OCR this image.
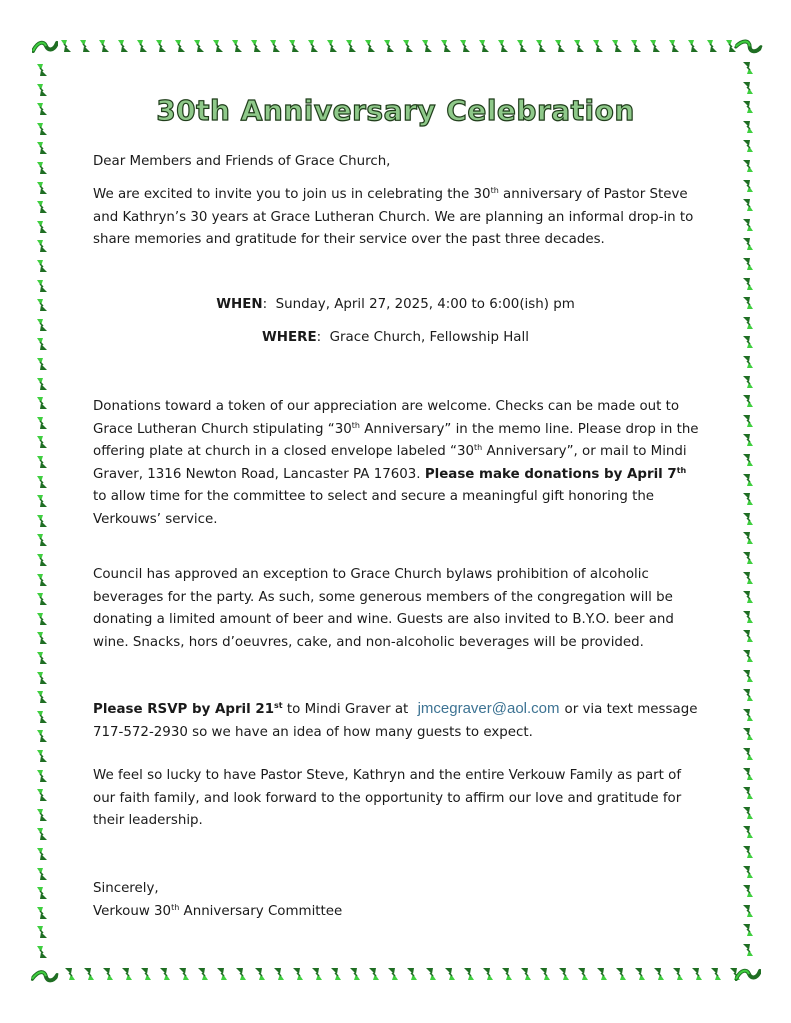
30th Anniversary Celebration

Dear Members and Friends of Grace Church,

We are excited to invite you to join us in celebrating the 30th anniversary of Pastor Steve and Kathryn’s 30 years at Grace Lutheran Church. We are planning an informal drop-in to share memories and gratitude for their service over the past three decades.

WHEN:  Sunday, April 27, 2025, 4:00 to 6:00(ish) pm
WHERE:  Grace Church, Fellowship Hall

Donations toward a token of our appreciation are welcome. Checks can be made out to Grace Lutheran Church stipulating “30th Anniversary” in the memo line. Please drop in the offering plate at church in a closed envelope labeled “30th Anniversary”, or mail to Mindi Graver, 1316 Newton Road, Lancaster PA 17603. Please make donations by April 7th to allow time for the committee to select and secure a meaningful gift honoring the Verkouws’ service.

Council has approved an exception to Grace Church bylaws prohibition of alcoholic beverages for the party. As such, some generous members of the congregation will be donating a limited amount of beer and wine. Guests are also invited to B.Y.O. beer and wine. Snacks, hors d’oeuvres, cake, and non-alcoholic beverages will be provided.

Please RSVP by April 21st to Mindi Graver at jmcegraver@aol.com or via text message 717-572-2930 so we have an idea of how many guests to expect.

We feel so lucky to have Pastor Steve, Kathryn and the entire Verkouw Family as part of our faith family, and look forward to the opportunity to affirm our love and gratitude for their leadership.

Sincerely,

Verkouw 30th Anniversary Committee
